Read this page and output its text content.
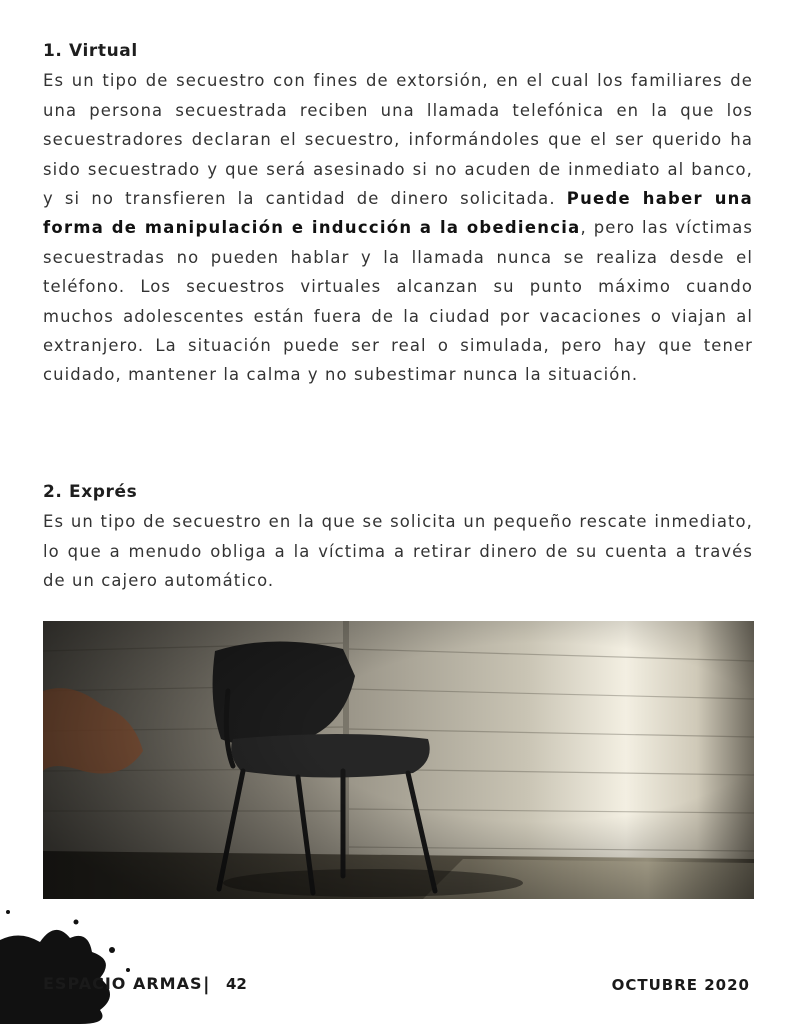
1. Virtual

Es un tipo de secuestro con fines de extorsión, en el cual los familiares de una persona secuestrada reciben una llamada telefónica en la que los secuestradores declaran el secuestro, informándoles que el ser querido ha sido secuestrado y que será asesinado si no acuden de inmediato al banco, y si no transfieren la cantidad de dinero solicitada. Puede haber una forma de manipulación e inducción a la obediencia, pero las víctimas secuestradas no pueden hablar y la llamada nunca se realiza desde el teléfono. Los secuestros virtuales alcanzan su punto máximo cuando muchos adolescentes están fuera de la ciudad por vacaciones o viajan al extranjero. La situación puede ser real o simulada, pero hay que tener cuidado, mantener la calma y no subestimar nunca la situación.

2. Exprés

Es un tipo de secuestro en la que se solicita un pequeño rescate inmediato, lo que a menudo obliga a la víctima a retirar dinero de su cuenta a través de un cajero automático.

ESPACIO ARMAS | 42	OCTUBRE 2020
